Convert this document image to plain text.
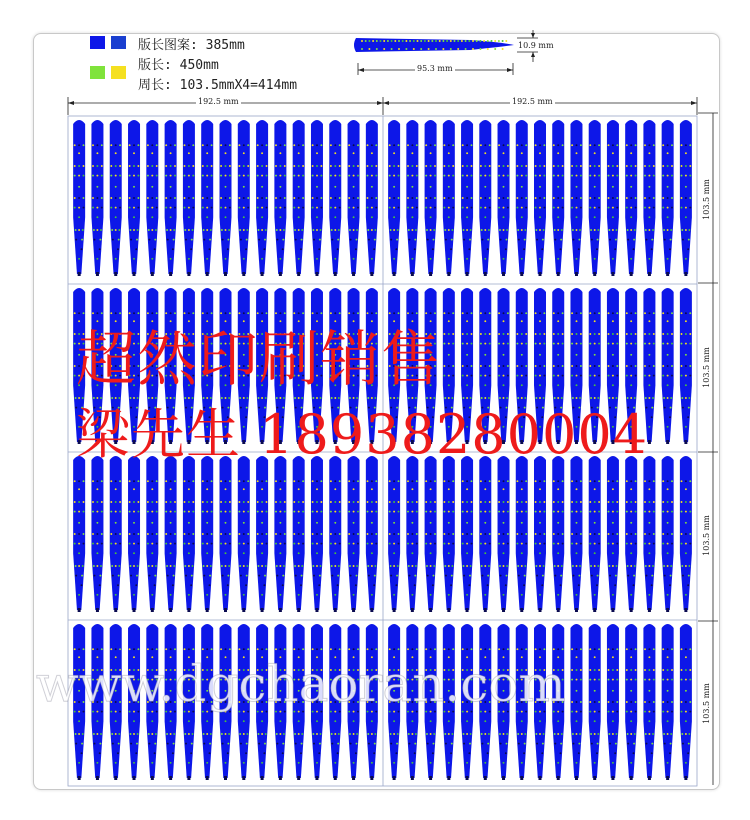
版长图案: 385mm
版长: 450mm
周长: 103.5mmX4=414mm
192.5 mm	192.5 mm
95.3 mm
10.9 mm
103.5 mm
103.5 mm
103.5 mm
103.5 mm
超然印刷销售
梁先生 18938280004
www.dgchaoran.com
